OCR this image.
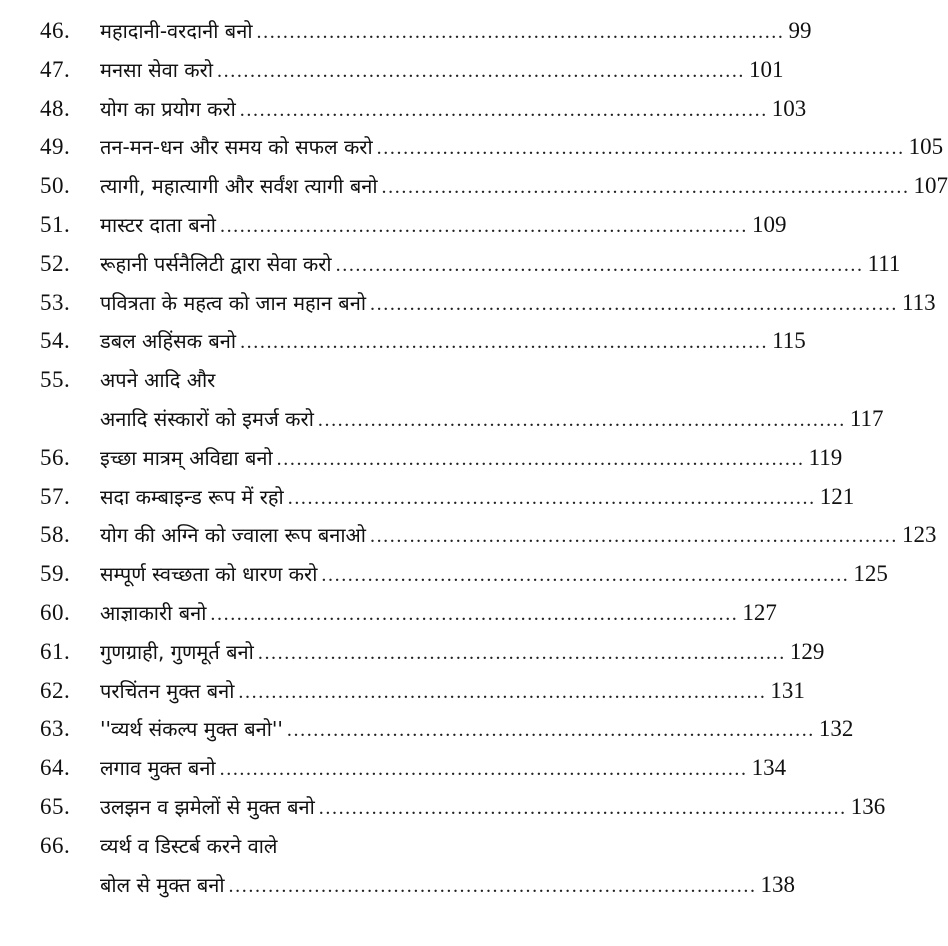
46. महादानी-वरदानी बनो ................................................................................ 99
47. मनसा सेवा करो ................................................................................ 101
48. योग का प्रयोग करो ................................................................................ 103
49. तन-मन-धन और समय को सफल करो ................................................................................ 105
50. त्यागी, महात्यागी और सर्वंश त्यागी बनो ................................................................................ 107
51. मास्टर दाता बनो ................................................................................ 109
52. रूहानी पर्सनैलिटी द्वारा सेवा करो ................................................................................ 111
53. पवित्रता के महत्व को जान महान बनो ................................................................................ 113
54. डबल अहिंसक बनो ................................................................................ 115
55. अपने आदि और
अनादि संस्कारों को इमर्ज करो ................................................................................ 117
56. इच्छा मात्रम् अविद्या बनो ................................................................................ 119
57. सदा कम्बाइन्ड रूप में रहो ................................................................................ 121
58. योग की अग्नि को ज्वाला रूप बनाओ ................................................................................ 123
59. सम्पूर्ण स्वच्छता को धारण करो ................................................................................ 125
60. आज्ञाकारी बनो ................................................................................ 127
61. गुणग्राही, गुणमूर्त बनो ................................................................................ 129
62. परचिंतन मुक्त बनो ................................................................................ 131
63. ''व्यर्थ संकल्प मुक्त बनो'' ................................................................................ 132
64. लगाव मुक्त बनो ................................................................................ 134
65. उलझन व झमेलों से मुक्त बनो ................................................................................ 136
66. व्यर्थ व डिस्टर्ब करने वाले
बोल से मुक्त बनो ................................................................................ 138
